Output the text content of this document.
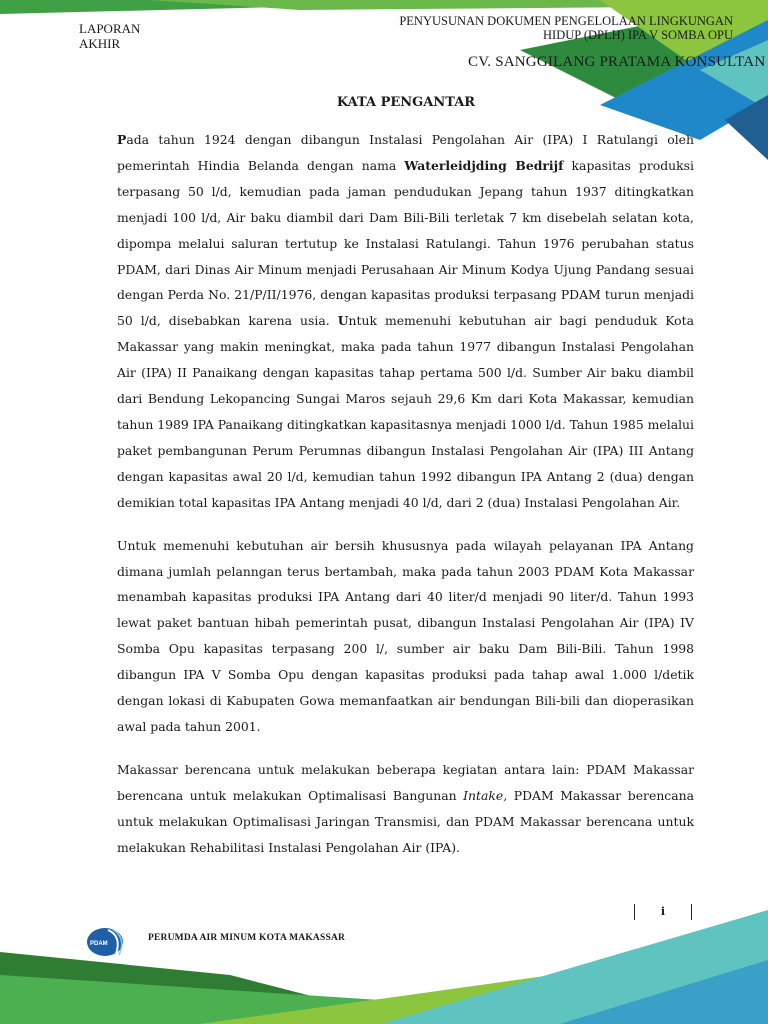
LAPORAN
AKHIR
PENYUSUNAN DOKUMEN PENGELOLAAN LINGKUNGAN

HIDUP (DPLH) IPA V SOMBA OPU
CV. SANGGILANG PRATAMA KONSULTAN
KATA PENGANTAR

Pada tahun 1924 dengan dibangun Instalasi Pengolahan Air (IPA) I Ratulangi oleh pemerintah Hindia Belanda dengan nama Waterleidjding Bedrijf kapasitas produksi terpasang 50 l/d, kemudian pada jaman pendudukan Jepang tahun 1937 ditingkatkan menjadi 100 l/d, Air baku diambil dari Dam Bili-Bili terletak 7 km disebelah selatan kota, dipompa melalui saluran tertutup ke Instalasi Ratulangi. Tahun 1976 perubahan status PDAM, dari Dinas Air Minum menjadi Perusahaan Air Minum Kodya Ujung Pandang sesuai dengan Perda No. 21/P/II/1976, dengan kapasitas produksi terpasang PDAM turun menjadi 50 l/d, disebabkan karena usia. Untuk memenuhi kebutuhan air bagi penduduk Kota Makassar yang makin meningkat, maka pada tahun 1977 dibangun Instalasi Pengolahan Air (IPA) II Panaikang dengan kapasitas tahap pertama 500 l/d. Sumber Air baku diambil dari Bendung Lekopancing Sungai Maros sejauh 29,6 Km dari Kota Makassar, kemudian tahun 1989 IPA Panaikang ditingkatkan kapasitasnya menjadi 1000 l/d. Tahun 1985 melalui paket pembangunan Perum Perumnas dibangun Instalasi Pengolahan Air (IPA) III Antang dengan kapasitas awal 20 l/d, kemudian tahun 1992 dibangun IPA Antang 2 (dua) dengan demikian total kapasitas IPA Antang menjadi 40 l/d, dari 2 (dua) Instalasi Pengolahan Air.

Untuk memenuhi kebutuhan air bersih khususnya pada wilayah pelayanan IPA Antang dimana jumlah pelanngan terus bertambah, maka pada tahun 2003 PDAM Kota Makassar menambah kapasitas produksi IPA Antang dari 40 liter/d menjadi 90 liter/d. Tahun 1993 lewat paket bantuan hibah pemerintah pusat, dibangun Instalasi Pengolahan Air (IPA) IV Somba Opu kapasitas terpasang 200 l/, sumber air baku Dam Bili-Bili. Tahun 1998 dibangun IPA V Somba Opu dengan kapasitas produksi pada tahap awal 1.000 l/detik dengan lokasi di Kabupaten Gowa memanfaatkan air bendungan Bili-bili dan dioperasikan awal pada tahun 2001.

Makassar berencana untuk melakukan beberapa kegiatan antara lain: PDAM Makassar berencana untuk melakukan Optimalisasi Bangunan Intake, PDAM Makassar berencana untuk melakukan Optimalisasi Jaringan Transmisi, dan PDAM Makassar berencana untuk melakukan Rehabilitasi Instalasi Pengolahan Air (IPA).

i
PDAM
PERUMDA AIR MINUM KOTA MAKASSAR
